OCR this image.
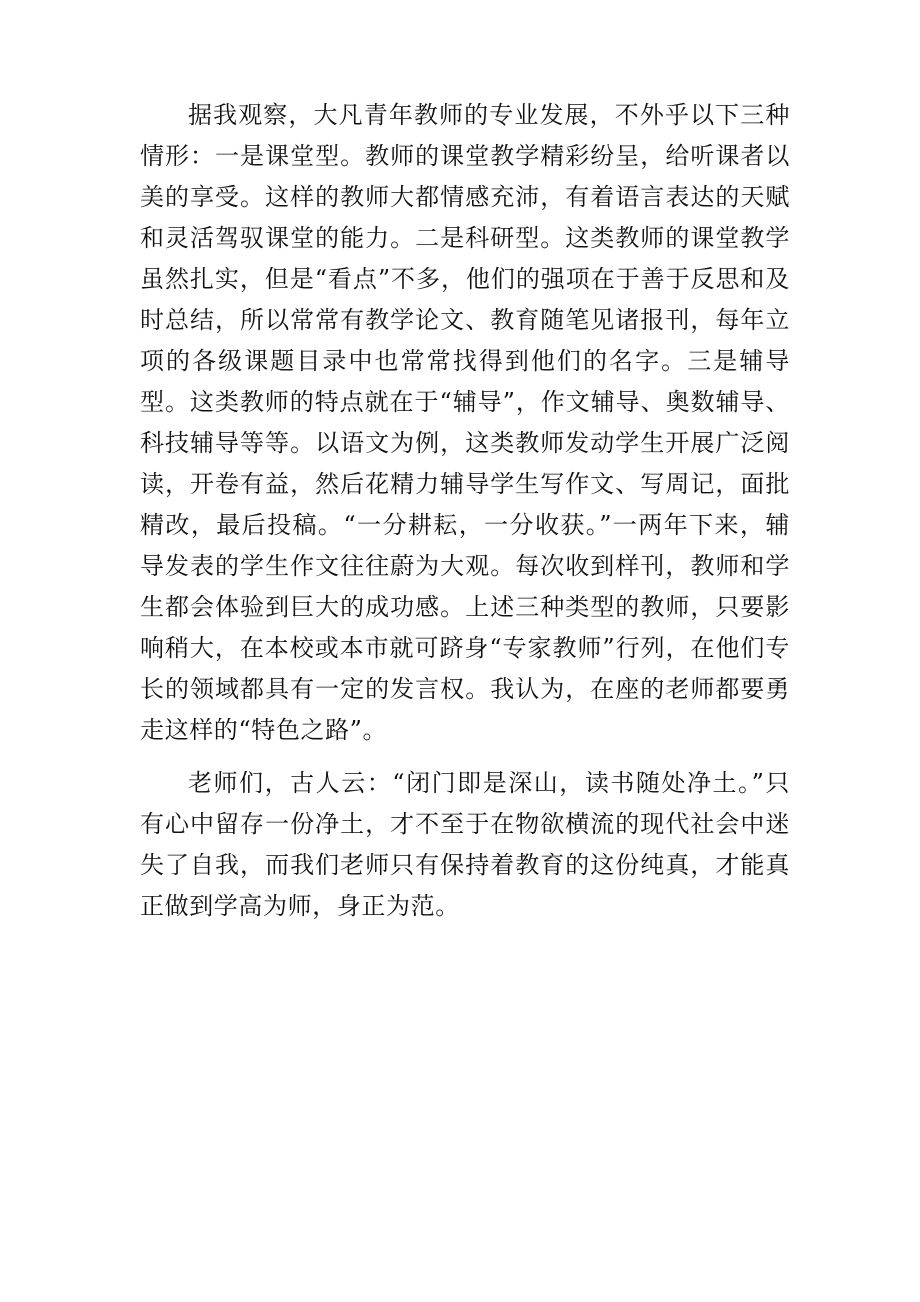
据我观察，大凡青年教师的专业发展，不外乎以下三种情形：一是课堂型。教师的课堂教学精彩纷呈，给听课者以美的享受。这样的教师大都情感充沛，有着语言表达的天赋和灵活驾驭课堂的能力。二是科研型。这类教师的课堂教学虽然扎实，但是“看点”不多，他们的强项在于善于反思和及时总结，所以常常有教学论文、教育随笔见诸报刊，每年立项的各级课题目录中也常常找得到他们的名字。三是辅导型。这类教师的特点就在于“辅导”，作文辅导、奥数辅导、科技辅导等等。以语文为例，这类教师发动学生开展广泛阅读，开卷有益，然后花精力辅导学生写作文、写周记，面批精改，最后投稿。“一分耕耘，一分收获。”一两年下来，辅导发表的学生作文往往蔚为大观。每次收到样刊，教师和学生都会体验到巨大的成功感。上述三种类型的教师，只要影响稍大，在本校或本市就可跻身“专家教师”行列，在他们专长的领域都具有一定的发言权。我认为，在座的老师都要勇走这样的“特色之路”。

老师们，古人云：“闭门即是深山，读书随处净土。”只有心中留存一份净土，才不至于在物欲横流的现代社会中迷失了自我，而我们老师只有保持着教育的这份纯真，才能真正做到学高为师，身正为范。
